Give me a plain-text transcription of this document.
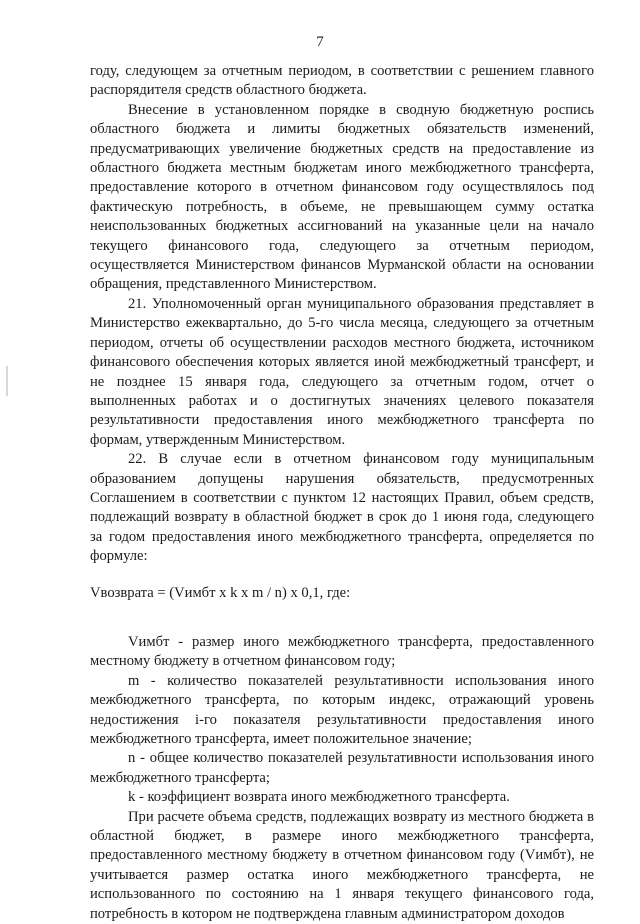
7

году, следующем за отчетным периодом, в соответствии с решением главного распорядителя средств областного бюджета.

Внесение в установленном порядке в сводную бюджетную роспись областного бюджета и лимиты бюджетных обязательств изменений, предусматривающих увеличение бюджетных средств на предоставление из областного бюджета местным бюджетам иного межбюджетного трансферта, предоставление которого в отчетном финансовом году осуществлялось под фактическую потребность, в объеме, не превышающем сумму остатка неиспользованных бюджетных ассигнований на указанные цели на начало текущего финансового года, следующего за отчетным периодом, осуществляется Министерством финансов Мурманской области на основании обращения, представленного Министерством.

21. Уполномоченный орган муниципального образования представляет в Министерство ежеквартально, до 5-го числа месяца, следующего за отчетным периодом, отчеты об осуществлении расходов местного бюджета, источником финансового обеспечения которых является иной межбюджетный трансферт, и не позднее 15 января года, следующего за отчетным годом, отчет о выполненных работах и о достигнутых значениях целевого показателя результативности предоставления иного межбюджетного трансферта по формам, утвержденным Министерством.

22. В случае если в отчетном финансовом году муниципальным образованием допущены нарушения обязательств, предусмотренных Соглашением в соответствии с пунктом 12 настоящих Правил, объем средств, подлежащий возврату в областной бюджет в срок до 1 июня года, следующего за годом предоставления иного межбюджетного трансферта, определяется по формуле:

Vвозврата = (Vимбт x k x m / n) x 0,1, где:

Vимбт - размер иного межбюджетного трансферта, предоставленного местному бюджету в отчетном финансовом году;

m - количество показателей результативности использования иного межбюджетного трансферта, по которым индекс, отражающий уровень недостижения i-го показателя результативности предоставления иного межбюджетного трансферта, имеет положительное значение;

n - общее количество показателей результативности использования иного межбюджетного трансферта;

k - коэффициент возврата иного межбюджетного трансферта.

При расчете объема средств, подлежащих возврату из местного бюджета в областной бюджет, в размере иного межбюджетного трансферта, предоставленного местному бюджету в отчетном финансовом году (Vимбт), не учитывается размер остатка иного межбюджетного трансферта, не использованного по состоянию на 1 января текущего финансового года, потребность в котором не подтверждена главным администратором доходов
